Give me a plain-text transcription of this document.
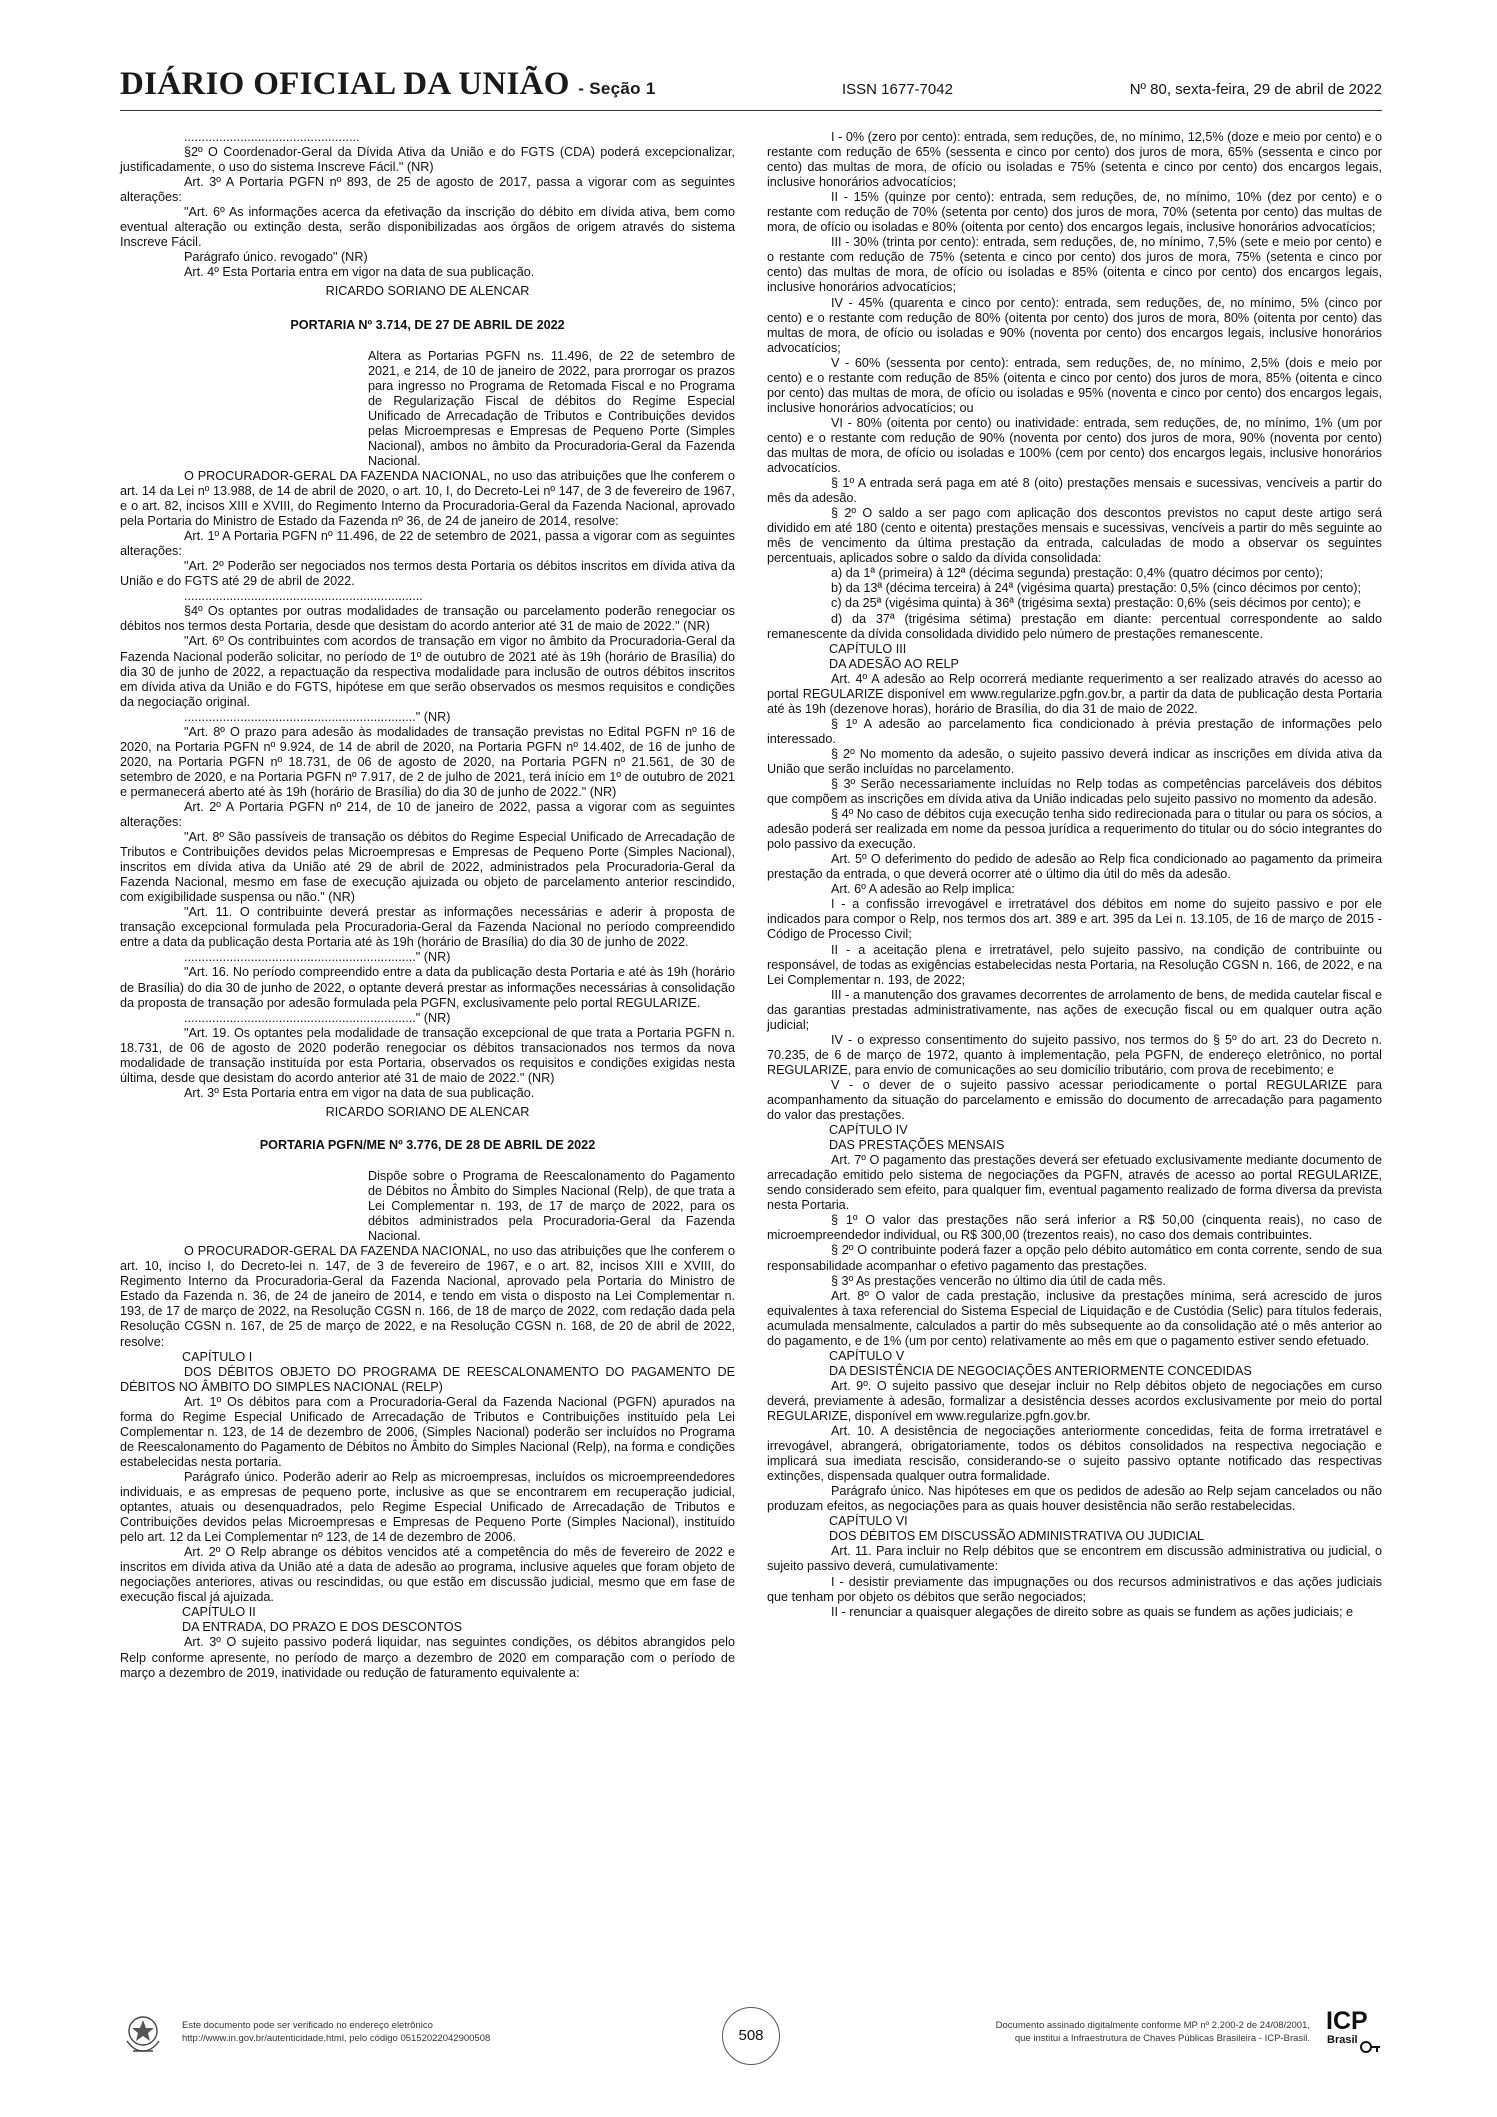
DIÁRIO OFICIAL DA UNIÃO - Seção 1	ISSN 1677-7042	Nº 80, sexta-feira, 29 de abril de 2022

..................................................

§2º O Coordenador-Geral da Dívida Ativa da União e do FGTS (CDA) poderá excepcionalizar, justificadamente, o uso do sistema Inscreve Fácil." (NR)

Art. 3º A Portaria PGFN nº 893, de 25 de agosto de 2017, passa a vigorar com as seguintes alterações:

"Art. 6º As informações acerca da efetivação da inscrição do débito em dívida ativa, bem como eventual alteração ou extinção desta, serão disponibilizadas aos órgãos de origem através do sistema Inscreve Fácil.

Parágrafo único. revogado" (NR)

Art. 4º Esta Portaria entra em vigor na data de sua publicação.

RICARDO SORIANO DE ALENCAR

PORTARIA Nº 3.714, DE 27 DE ABRIL DE 2022

Altera as Portarias PGFN ns. 11.496, de 22 de setembro de 2021, e 214, de 10 de janeiro de 2022, para prorrogar os prazos para ingresso no Programa de Retomada Fiscal e no Programa de Regularização Fiscal de débitos do Regime Especial Unificado de Arrecadação de Tributos e Contribuições devidos pelas Microempresas e Empresas de Pequeno Porte (Simples Nacional), ambos no âmbito da Procuradoria-Geral da Fazenda Nacional.

O PROCURADOR-GERAL DA FAZENDA NACIONAL, no uso das atribuições que lhe conferem o art. 14 da Lei nº 13.988, de 14 de abril de 2020, o art. 10, I, do Decreto-Lei nº 147, de 3 de fevereiro de 1967, e o art. 82, incisos XIII e XVIII, do Regimento Interno da Procuradoria-Geral da Fazenda Nacional, aprovado pela Portaria do Ministro de Estado da Fazenda nº 36, de 24 de janeiro de 2014, resolve:

Art. 1º A Portaria PGFN nº 11.496, de 22 de setembro de 2021, passa a vigorar com as seguintes alterações:

"Art. 2º Poderão ser negociados nos termos desta Portaria os débitos inscritos em dívida ativa da União e do FGTS até 29 de abril de 2022.

....................................................................

§4º Os optantes por outras modalidades de transação ou parcelamento poderão renegociar os débitos nos termos desta Portaria, desde que desistam do acordo anterior até 31 de maio de 2022." (NR)

"Art. 6º Os contribuintes com acordos de transação em vigor no âmbito da Procuradoria-Geral da Fazenda Nacional poderão solicitar, no período de 1º de outubro de 2021 até às 19h (horário de Brasília) do dia 30 de junho de 2022, a repactuação da respectiva modalidade para inclusão de outros débitos inscritos em dívida ativa da União e do FGTS, hipótese em que serão observados os mesmos requisitos e condições da negociação original.

.................................................................." (NR)

"Art. 8º O prazo para adesão às modalidades de transação previstas no Edital PGFN nº 16 de 2020, na Portaria PGFN nº 9.924, de 14 de abril de 2020, na Portaria PGFN nº 14.402, de 16 de junho de 2020, na Portaria PGFN nº 18.731, de 06 de agosto de 2020, na Portaria PGFN nº 21.561, de 30 de setembro de 2020, e na Portaria PGFN nº 7.917, de 2 de julho de 2021, terá início em 1º de outubro de 2021 e permanecerá aberto até às 19h (horário de Brasília) do dia 30 de junho de 2022." (NR)

Art. 2º A Portaria PGFN nº 214, de 10 de janeiro de 2022, passa a vigorar com as seguintes alterações:

"Art. 8º São passíveis de transação os débitos do Regime Especial Unificado de Arrecadação de Tributos e Contribuições devidos pelas Microempresas e Empresas de Pequeno Porte (Simples Nacional), inscritos em dívida ativa da União até 29 de abril de 2022, administrados pela Procuradoria-Geral da Fazenda Nacional, mesmo em fase de execução ajuizada ou objeto de parcelamento anterior rescindido, com exigibilidade suspensa ou não." (NR)

"Art. 11. O contribuinte deverá prestar as informações necessárias e aderir à proposta de transação excepcional formulada pela Procuradoria-Geral da Fazenda Nacional no período compreendido entre a data da publicação desta Portaria até às 19h (horário de Brasília) do dia 30 de junho de 2022.

.................................................................." (NR)

"Art. 16. No período compreendido entre a data da publicação desta Portaria e até às 19h (horário de Brasília) do dia 30 de junho de 2022, o optante deverá prestar as informações necessárias à consolidação da proposta de transação por adesão formulada pela PGFN, exclusivamente pelo portal REGULARIZE.

.................................................................." (NR)

"Art. 19. Os optantes pela modalidade de transação excepcional de que trata a Portaria PGFN n. 18.731, de 06 de agosto de 2020 poderão renegociar os débitos transacionados nos termos da nova modalidade de transação instituída por esta Portaria, observados os requisitos e condições exigidas nesta última, desde que desistam do acordo anterior até 31 de maio de 2022." (NR)

Art. 3º Esta Portaria entra em vigor na data de sua publicação.

RICARDO SORIANO DE ALENCAR

PORTARIA PGFN/ME Nº 3.776, DE 28 DE ABRIL DE 2022

Dispõe sobre o Programa de Reescalonamento do Pagamento de Débitos no Âmbito do Simples Nacional (Relp), de que trata a Lei Complementar n. 193, de 17 de março de 2022, para os débitos administrados pela Procuradoria-Geral da Fazenda Nacional.

O PROCURADOR-GERAL DA FAZENDA NACIONAL, no uso das atribuições que lhe conferem o art. 10, inciso I, do Decreto-lei n. 147, de 3 de fevereiro de 1967, e o art. 82, incisos XIII e XVIII, do Regimento Interno da Procuradoria-Geral da Fazenda Nacional, aprovado pela Portaria do Ministro de Estado da Fazenda n. 36, de 24 de janeiro de 2014, e tendo em vista o disposto na Lei Complementar n. 193, de 17 de março de 2022, na Resolução CGSN n. 166, de 18 de março de 2022, com redação dada pela Resolução CGSN n. 167, de 25 de março de 2022, e na Resolução CGSN n. 168, de 20 de abril de 2022, resolve:

CAPÍTULO I

DOS DÉBITOS OBJETO DO PROGRAMA DE REESCALONAMENTO DO PAGAMENTO DE DÉBITOS NO ÂMBITO DO SIMPLES NACIONAL (RELP)

Art. 1º Os débitos para com a Procuradoria-Geral da Fazenda Nacional (PGFN) apurados na forma do Regime Especial Unificado de Arrecadação de Tributos e Contribuições instituído pela Lei Complementar n. 123, de 14 de dezembro de 2006, (Simples Nacional) poderão ser incluídos no Programa de Reescalonamento do Pagamento de Débitos no Âmbito do Simples Nacional (Relp), na forma e condições estabelecidas nesta portaria.

Parágrafo único. Poderão aderir ao Relp as microempresas, incluídos os microempreendedores individuais, e as empresas de pequeno porte, inclusive as que se encontrarem em recuperação judicial, optantes, atuais ou desenquadrados, pelo Regime Especial Unificado de Arrecadação de Tributos e Contribuições devidos pelas Microempresas e Empresas de Pequeno Porte (Simples Nacional), instituído pelo art. 12 da Lei Complementar nº 123, de 14 de dezembro de 2006.

Art. 2º O Relp abrange os débitos vencidos até a competência do mês de fevereiro de 2022 e inscritos em dívida ativa da União até a data de adesão ao programa, inclusive aqueles que foram objeto de negociações anteriores, ativas ou rescindidas, ou que estão em discussão judicial, mesmo que em fase de execução fiscal já ajuizada.

CAPÍTULO II

DA ENTRADA, DO PRAZO E DOS DESCONTOS

Art. 3º O sujeito passivo poderá liquidar, nas seguintes condições, os débitos abrangidos pelo Relp conforme apresente, no período de março a dezembro de 2020 em comparação com o período de março a dezembro de 2019, inatividade ou redução de faturamento equivalente a:

I - 0% (zero por cento): entrada, sem reduções, de, no mínimo, 12,5% (doze e meio por cento) e o restante com redução de 65% (sessenta e cinco por cento) dos juros de mora, 65% (sessenta e cinco por cento) das multas de mora, de ofício ou isoladas e 75% (setenta e cinco por cento) dos encargos legais, inclusive honorários advocatícios;

II - 15% (quinze por cento): entrada, sem reduções, de, no mínimo, 10% (dez por cento) e o restante com redução de 70% (setenta por cento) dos juros de mora, 70% (setenta por cento) das multas de mora, de ofício ou isoladas e 80% (oitenta por cento) dos encargos legais, inclusive honorários advocatícios;

III - 30% (trinta por cento): entrada, sem reduções, de, no mínimo, 7,5% (sete e meio por cento) e o restante com redução de 75% (setenta e cinco por cento) dos juros de mora, 75% (setenta e cinco por cento) das multas de mora, de ofício ou isoladas e 85% (oitenta e cinco por cento) dos encargos legais, inclusive honorários advocatícios;

IV - 45% (quarenta e cinco por cento): entrada, sem reduções, de, no mínimo, 5% (cinco por cento) e o restante com redução de 80% (oitenta por cento) dos juros de mora, 80% (oitenta por cento) das multas de mora, de ofício ou isoladas e 90% (noventa por cento) dos encargos legais, inclusive honorários advocatícios;

V - 60% (sessenta por cento): entrada, sem reduções, de, no mínimo, 2,5% (dois e meio por cento) e o restante com redução de 85% (oitenta e cinco por cento) dos juros de mora, 85% (oitenta e cinco por cento) das multas de mora, de ofício ou isoladas e 95% (noventa e cinco por cento) dos encargos legais, inclusive honorários advocatícios; ou

VI - 80% (oitenta por cento) ou inatividade: entrada, sem reduções, de, no mínimo, 1% (um por cento) e o restante com redução de 90% (noventa por cento) dos juros de mora, 90% (noventa por cento) das multas de mora, de ofício ou isoladas e 100% (cem por cento) dos encargos legais, inclusive honorários advocatícios.

§ 1º A entrada será paga em até 8 (oito) prestações mensais e sucessivas, vencíveis a partir do mês da adesão.

§ 2º O saldo a ser pago com aplicação dos descontos previstos no caput deste artigo será dividido em até 180 (cento e oitenta) prestações mensais e sucessivas, vencíveis a partir do mês seguinte ao mês de vencimento da última prestação da entrada, calculadas de modo a observar os seguintes percentuais, aplicados sobre o saldo da dívida consolidada:

a) da 1ª (primeira) à 12ª (décima segunda) prestação: 0,4% (quatro décimos por cento);

b) da 13ª (décima terceira) à 24ª (vigésima quarta) prestação: 0,5% (cinco décimos por cento);

c) da 25ª (vigésima quinta) à 36ª (trigésima sexta) prestação: 0,6% (seis décimos por cento); e

d) da 37ª (trigésima sétima) prestação em diante: percentual correspondente ao saldo remanescente da dívida consolidada dividido pelo número de prestações remanescente.

CAPÍTULO III

DA ADESÃO AO RELP

Art. 4º A adesão ao Relp ocorrerá mediante requerimento a ser realizado através do acesso ao portal REGULARIZE disponível em www.regularize.pgfn.gov.br, a partir da data de publicação desta Portaria até às 19h (dezenove horas), horário de Brasília, do dia 31 de maio de 2022.

§ 1º A adesão ao parcelamento fica condicionado à prévia prestação de informações pelo interessado.

§ 2º No momento da adesão, o sujeito passivo deverá indicar as inscrições em dívida ativa da União que serão incluídas no parcelamento.

§ 3º Serão necessariamente incluídas no Relp todas as competências parceláveis dos débitos que compõem as inscrições em dívida ativa da União indicadas pelo sujeito passivo no momento da adesão.

§ 4º No caso de débitos cuja execução tenha sido redirecionada para o titular ou para os sócios, a adesão poderá ser realizada em nome da pessoa jurídica a requerimento do titular ou do sócio integrantes do polo passivo da execução.

Art. 5º O deferimento do pedido de adesão ao Relp fica condicionado ao pagamento da primeira prestação da entrada, o que deverá ocorrer até o último dia útil do mês da adesão.

Art. 6º A adesão ao Relp implica:

I - a confissão irrevogável e irretratável dos débitos em nome do sujeito passivo e por ele indicados para compor o Relp, nos termos dos art. 389 e art. 395 da Lei n. 13.105, de 16 de março de 2015 - Código de Processo Civil;

II - a aceitação plena e irretratável, pelo sujeito passivo, na condição de contribuinte ou responsável, de todas as exigências estabelecidas nesta Portaria, na Resolução CGSN n. 166, de 2022, e na Lei Complementar n. 193, de 2022;

III - a manutenção dos gravames decorrentes de arrolamento de bens, de medida cautelar fiscal e das garantias prestadas administrativamente, nas ações de execução fiscal ou em qualquer outra ação judicial;

IV - o expresso consentimento do sujeito passivo, nos termos do § 5º do art. 23 do Decreto n. 70.235, de 6 de março de 1972, quanto à implementação, pela PGFN, de endereço eletrônico, no portal REGULARIZE, para envio de comunicações ao seu domicílio tributário, com prova de recebimento; e

V - o dever de o sujeito passivo acessar periodicamente o portal REGULARIZE para acompanhamento da situação do parcelamento e emissão do documento de arrecadação para pagamento do valor das prestações.

CAPÍTULO IV

DAS PRESTAÇÕES MENSAIS

Art. 7º O pagamento das prestações deverá ser efetuado exclusivamente mediante documento de arrecadação emitido pelo sistema de negociações da PGFN, através de acesso ao portal REGULARIZE, sendo considerado sem efeito, para qualquer fim, eventual pagamento realizado de forma diversa da prevista nesta Portaria.

§ 1º O valor das prestações não será inferior a R$ 50,00 (cinquenta reais), no caso de microempreendedor individual, ou R$ 300,00 (trezentos reais), no caso dos demais contribuintes.

§ 2º O contribuinte poderá fazer a opção pelo débito automático em conta corrente, sendo de sua responsabilidade acompanhar o efetivo pagamento das prestações.

§ 3º As prestações vencerão no último dia útil de cada mês.

Art. 8º O valor de cada prestação, inclusive da prestações mínima, será acrescido de juros equivalentes à taxa referencial do Sistema Especial de Liquidação e de Custódia (Selic) para títulos federais, acumulada mensalmente, calculados a partir do mês subsequente ao da consolidação até o mês anterior ao do pagamento, e de 1% (um por cento) relativamente ao mês em que o pagamento estiver sendo efetuado.

CAPÍTULO V

DA DESISTÊNCIA DE NEGOCIAÇÕES ANTERIORMENTE CONCEDIDAS

Art. 9º. O sujeito passivo que desejar incluir no Relp débitos objeto de negociações em curso deverá, previamente à adesão, formalizar a desistência desses acordos exclusivamente por meio do portal REGULARIZE, disponível em www.regularize.pgfn.gov.br.

Art. 10. A desistência de negociações anteriormente concedidas, feita de forma irretratável e irrevogável, abrangerá, obrigatoriamente, todos os débitos consolidados na respectiva negociação e implicará sua imediata rescisão, considerando-se o sujeito passivo optante notificado das respectivas extinções, dispensada qualquer outra formalidade.

Parágrafo único. Nas hipóteses em que os pedidos de adesão ao Relp sejam cancelados ou não produzam efeitos, as negociações para as quais houver desistência não serão restabelecidas.

CAPÍTULO VI

DOS DÉBITOS EM DISCUSSÃO ADMINISTRATIVA OU JUDICIAL

Art. 11. Para incluir no Relp débitos que se encontrem em discussão administrativa ou judicial, o sujeito passivo deverá, cumulativamente:

I - desistir previamente das impugnações ou dos recursos administrativos e das ações judiciais que tenham por objeto os débitos que serão negociados;

II - renunciar a quaisquer alegações de direito sobre as quais se fundem as ações judiciais; e

Este documento pode ser verificado no endereço eletrônico
http://www.in.gov.br/autenticidade.html, pelo código 05152022042900508	508
Documento assinado digitalmente conforme MP nº 2.200-2 de 24/08/2001,
que institui a Infraestrutura de Chaves Públicas Brasileira - ICP-Brasil.
ICP
Brasil
